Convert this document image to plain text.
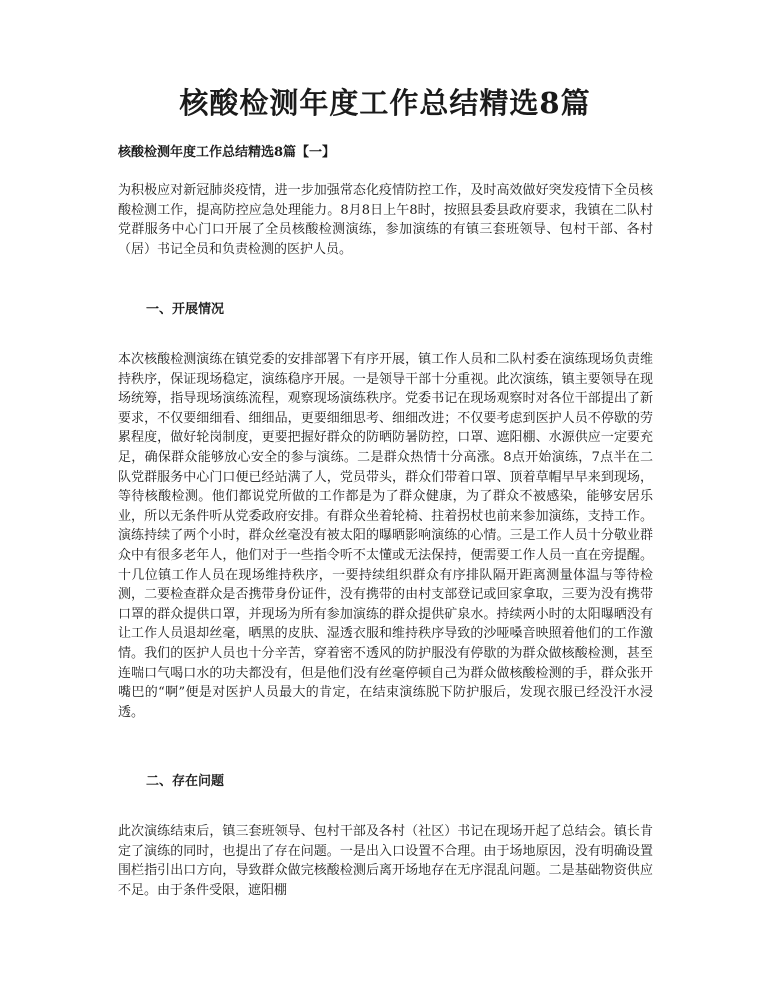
核酸检测年度工作总结精选8篇

核酸检测年度工作总结精选8篇【一】

为积极应对新冠肺炎疫情，进一步加强常态化疫情防控工作，及时高效做好突发疫情下全员核酸检测工作，提高防控应急处理能力。8月8日上午8时，按照县委县政府要求，我镇在二队村党群服务中心门口开展了全员核酸检测演练，参加演练的有镇三套班领导、包村干部、各村（居）书记全员和负责检测的医护人员。

一、开展情况

本次核酸检测演练在镇党委的安排部署下有序开展，镇工作人员和二队村委在演练现场负责维持秩序，保证现场稳定，演练稳序开展。一是领导干部十分重视。此次演练，镇主要领导在现场统筹，指导现场演练流程，观察现场演练秩序。党委书记在现场观察时对各位干部提出了新要求，不仅要细细看、细细品，更要细细思考、细细改进；不仅要考虑到医护人员不停歇的劳累程度，做好轮岗制度，更要把握好群众的防晒防暑防控，口罩、遮阳棚、水源供应一定要充足，确保群众能够放心安全的参与演练。二是群众热情十分高涨。8点开始演练，7点半在二队党群服务中心门口便已经站满了人，党员带头，群众们带着口罩、顶着草帽早早来到现场，等待核酸检测。他们都说党所做的工作都是为了群众健康，为了群众不被感染，能够安居乐业，所以无条件听从党委政府安排。有群众坐着轮椅、拄着拐杖也前来参加演练，支持工作。演练持续了两个小时，群众丝毫没有被太阳的曝晒影响演练的心情。三是工作人员十分敬业群众中有很多老年人，他们对于一些指令听不太懂或无法保持，便需要工作人员一直在旁提醒。十几位镇工作人员在现场维持秩序，一要持续组织群众有序排队隔开距离测量体温与等待检测，二要检查群众是否携带身份证件，没有携带的由村支部登记或回家拿取，三要为没有携带口罩的群众提供口罩，并现场为所有参加演练的群众提供矿泉水。持续两小时的太阳曝晒没有让工作人员退却丝毫，晒黑的皮肤、湿透衣服和维持秩序导致的沙哑嗓音映照着他们的工作激情。我们的医护人员也十分辛苦，穿着密不透风的防护服没有停歇的为群众做核酸检测，甚至连喘口气喝口水的功夫都没有，但是他们没有丝毫停顿自己为群众做核酸检测的手，群众张开嘴巴的“啊”便是对医护人员最大的肯定，在结束演练脱下防护服后，发现衣服已经没汗水浸透。

二、存在问题

此次演练结束后，镇三套班领导、包村干部及各村（社区）书记在现场开起了总结会。镇长肯定了演练的同时，也提出了存在问题。一是出入口设置不合理。由于场地原因，没有明确设置围栏指引出口方向，导致群众做完核酸检测后离开场地存在无序混乱问题。二是基础物资供应不足。由于条件受限，遮阳棚
